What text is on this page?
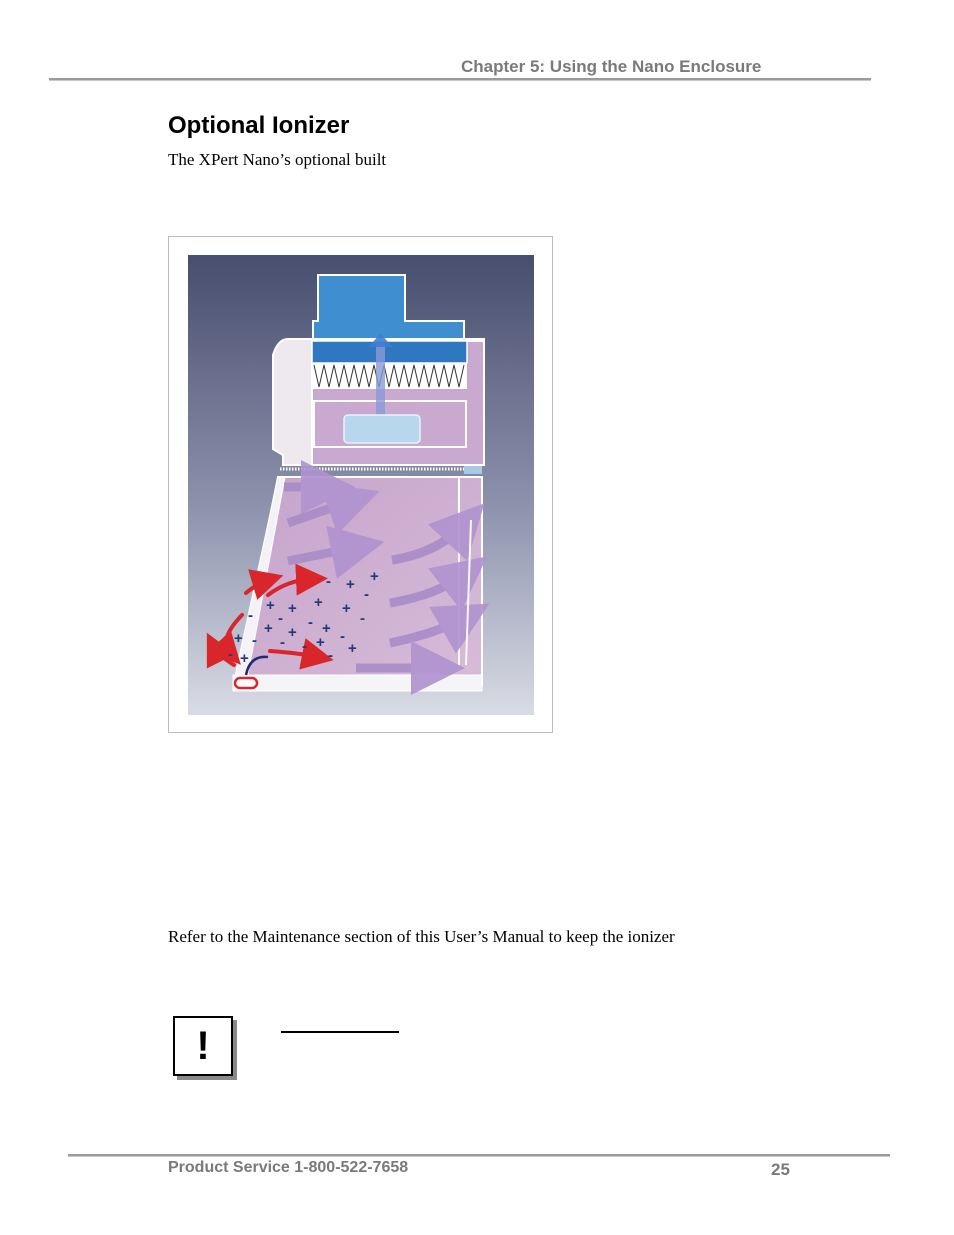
Chapter 5: Using the Nano Enclosure
Optional Ionizer
The XPert Nano’s optional built
- + +
-
+ + + +
- - - +
-
+ +	-
+ - - - + +
- +	-
Refer to the Maintenance section of this User’s Manual to keep the ionizer
!
Product Service 1-800-522-7658	25
